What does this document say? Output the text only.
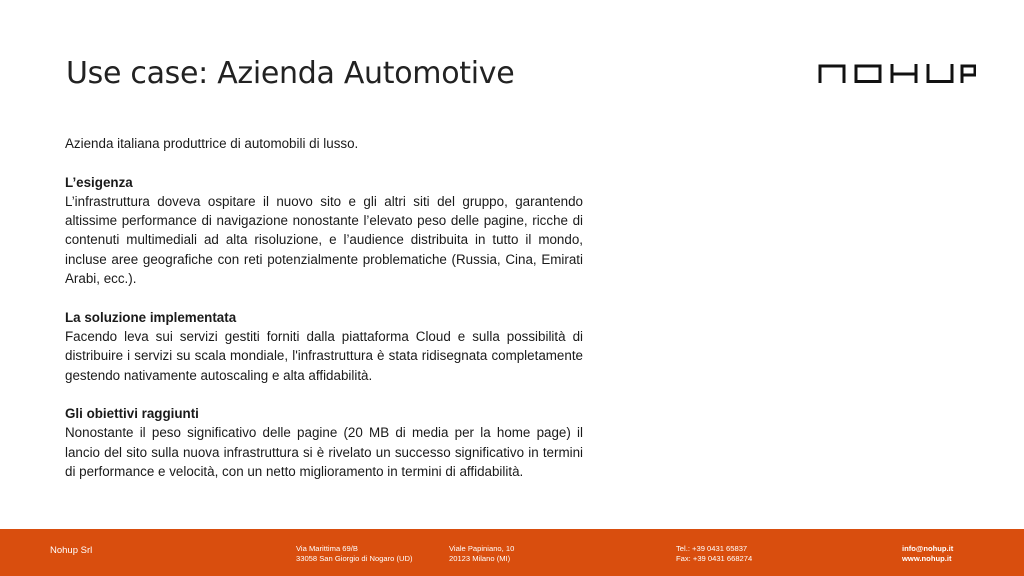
Use case: Azienda Automotive

Azienda italiana produttrice di automobili di lusso.

L’esigenza

L’infrastruttura doveva ospitare il nuovo sito e gli altri siti del gruppo, garantendo altissime performance di navigazione nonostante l’elevato peso delle pagine, ricche di contenuti multimediali ad alta risoluzione, e l’audience distribuita in tutto il mondo, incluse aree geografiche con reti potenzialmente problematiche (Russia, Cina, Emirati Arabi, ecc.).

La soluzione implementata

Facendo leva sui servizi gestiti forniti dalla piattaforma Cloud e sulla possibilità di distribuire i servizi su scala mondiale, l'infrastruttura è stata ridisegnata completamente gestendo nativamente autoscaling e alta affidabilità.

Gli obiettivi raggiunti

Nonostante il peso significativo delle pagine (20 MB di media per la home page) il lancio del sito sulla nuova infrastruttura si è rivelato un successo significativo in termini di performance e velocità, con un netto miglioramento in termini di affidabilità.

Nohup Srl	Via Marittima 69/B
33058 San Giorgio di Nogaro (UD)
Viale Papiniano, 10
20123 Milano (MI)
Tel.: +39 0431 65837
Fax: +39 0431 668274
info@nohup.it
www.nohup.it
